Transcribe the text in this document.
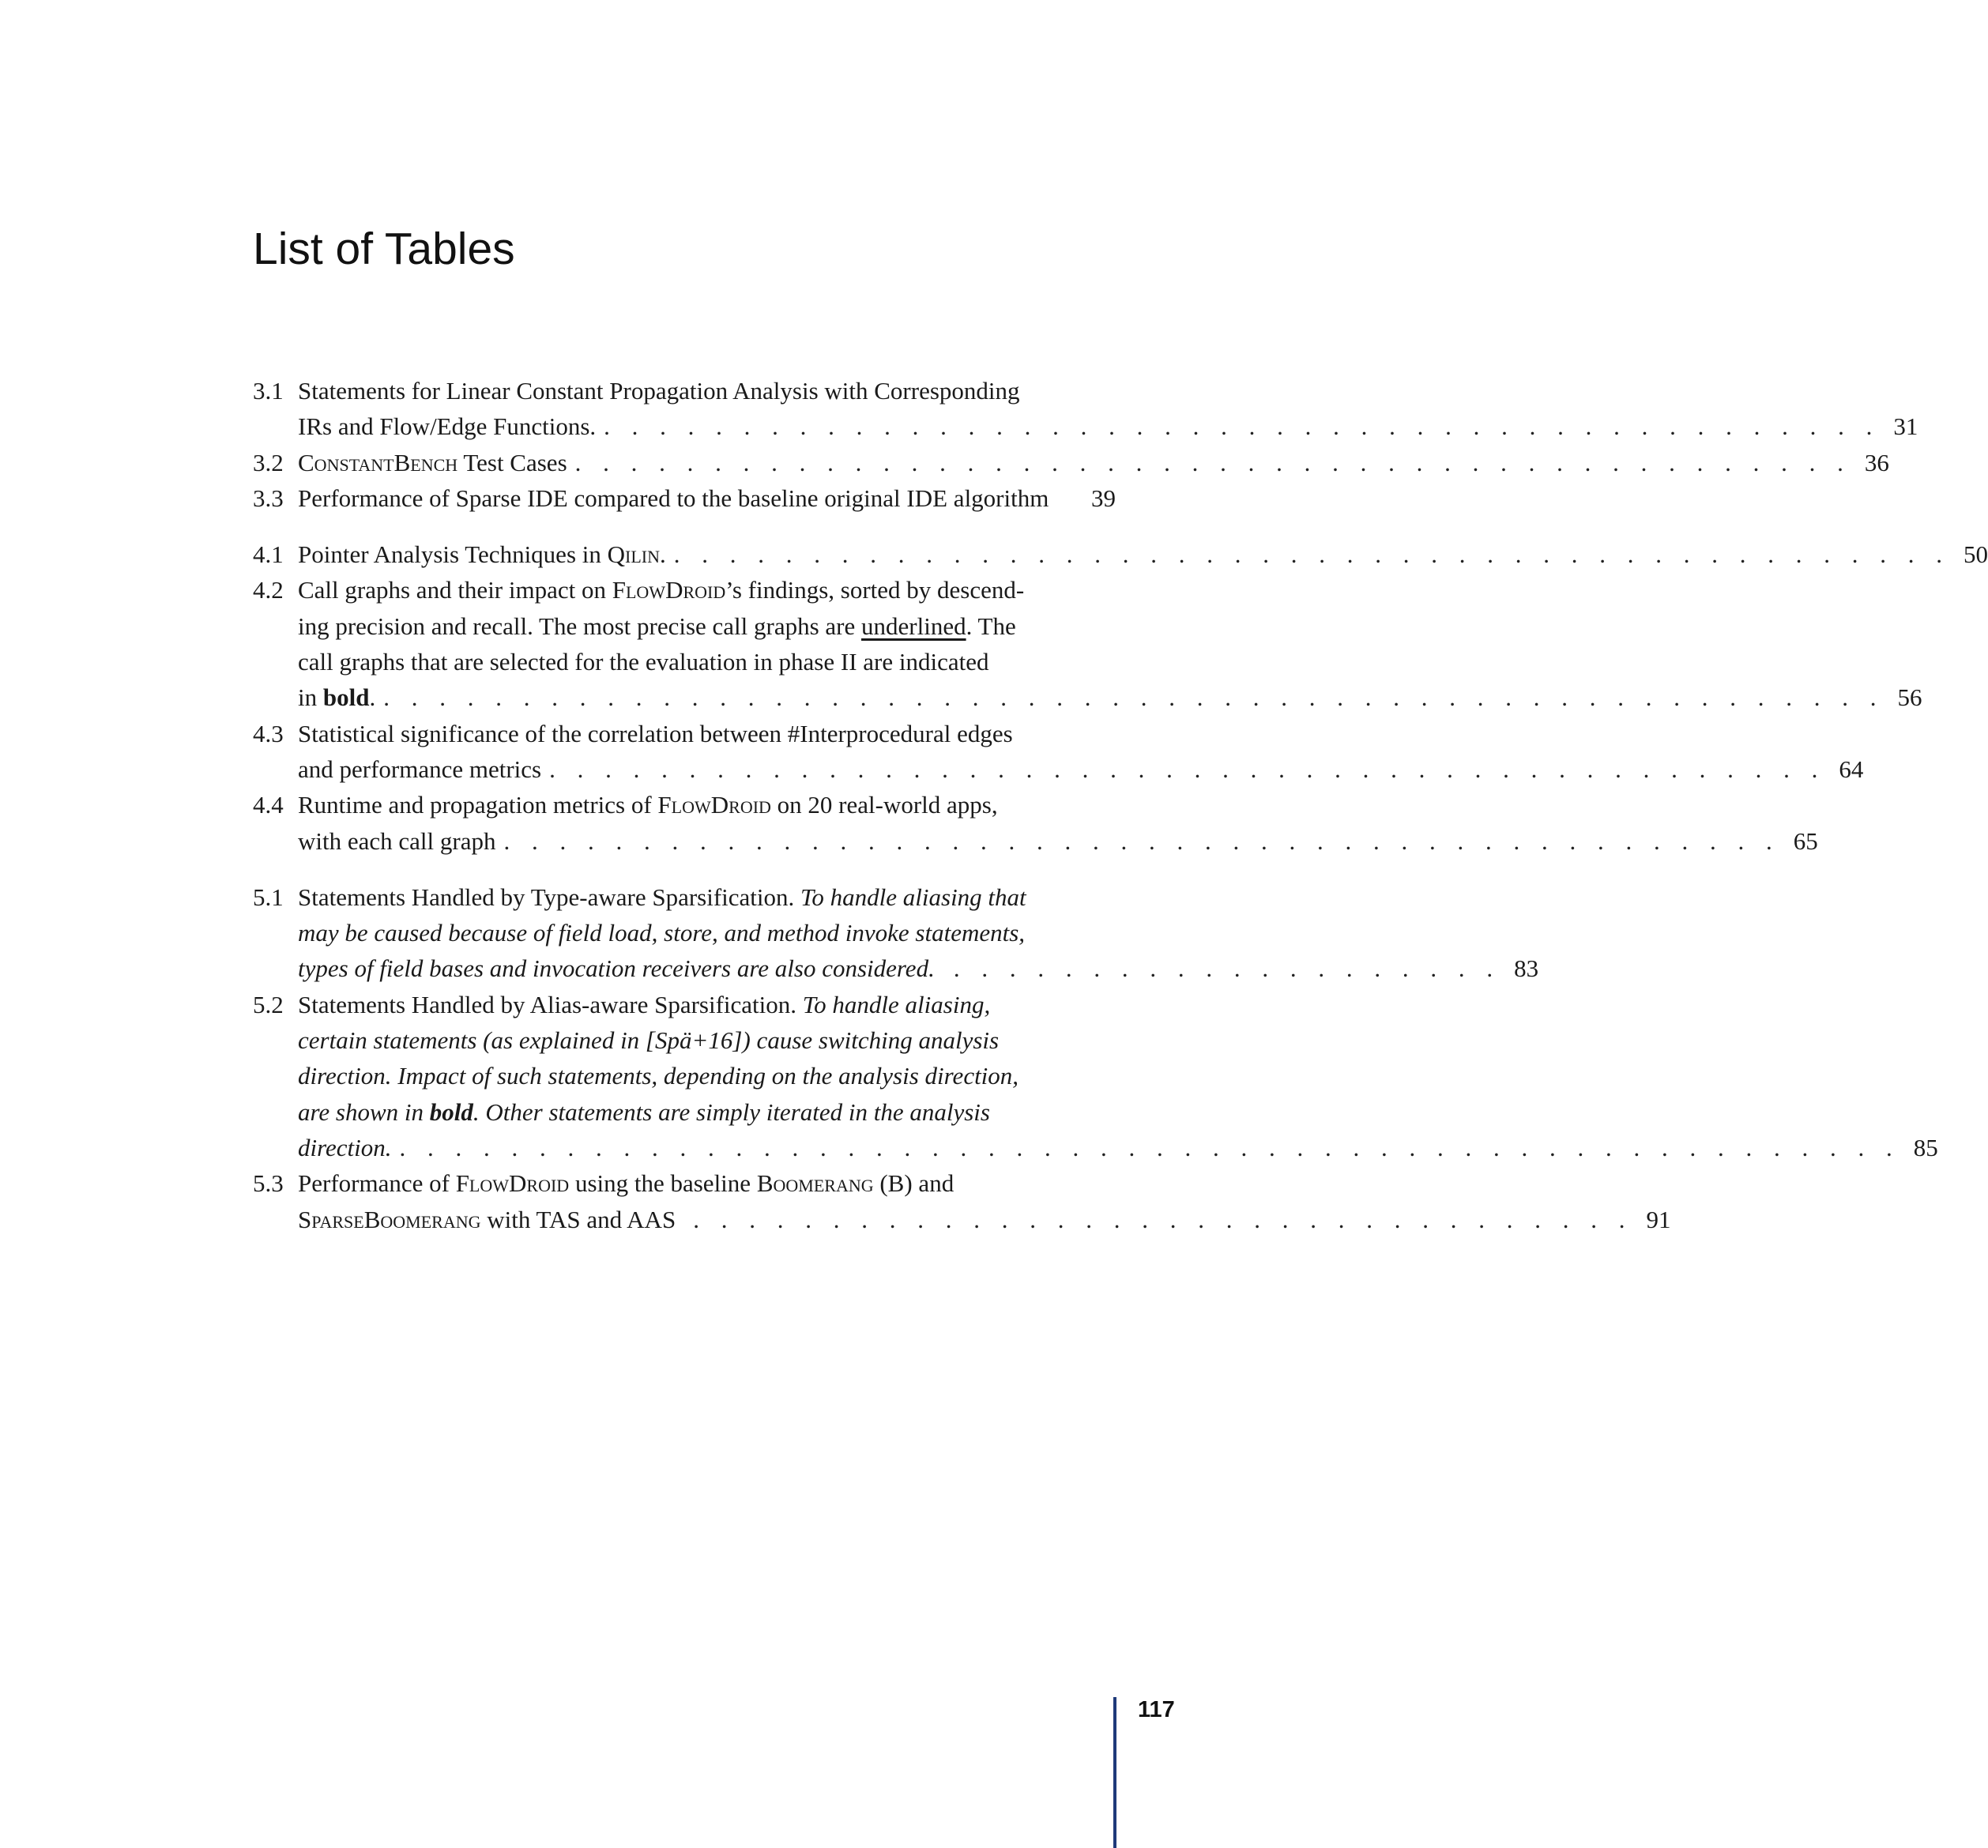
List of Tables
3.1 Statements for Linear Constant Propagation Analysis with Corresponding
IRs and Flow/Edge Functions. . . . . . . . . . . . . . . . . . . . . . . . . . . . . . . . . . . . . . . . . . . . . . . 31
3.2 ConstantBench Test Cases . . . . . . . . . . . . . . . . . . . . . . . . . . . . . . . . . . . . . . . . . . . . . . 36
3.3 Performance of Sparse IDE compared to the baseline original IDE algorithm	39
4.1 Pointer Analysis Techniques in Qilin. . . . . . . . . . . . . . . . . . . . . . . . . . . . . . . . . . . . . . . . . . . . . . . 50
4.2 Call graphs and their impact on FlowDroid’s findings, sorted by descend-
ing precision and recall. The most precise call graphs are underlined. The
call graphs that are selected for the evaluation in phase II are indicated
in bold. . . . . . . . . . . . . . . . . . . . . . . . . . . . . . . . . . . . . . . . . . . . . . . . . . . . . . . 56
4.3 Statistical significance of the correlation between #Interprocedural edges
and performance metrics . . . . . . . . . . . . . . . . . . . . . . . . . . . . . . . . . . . . . . . . . . . . . . 64
4.4 Runtime and propagation metrics of FlowDroid on 20 real-world apps,
with each call graph . . . . . . . . . . . . . . . . . . . . . . . . . . . . . . . . . . . . . . . . . . . . . . 65
5.1 Statements Handled by Type-aware Sparsification. To handle aliasing that
may be caused because of field load, store, and method invoke statements,
types of field bases and invocation receivers are also considered. . . . . . . . . . . . . . . . . . . . . 83
5.2 Statements Handled by Alias-aware Sparsification. To handle aliasing,
certain statements (as explained in [Spä+16]) cause switching analysis
direction. Impact of such statements, depending on the analysis direction,
are shown in bold. Other statements are simply iterated in the analysis
direction. . . . . . . . . . . . . . . . . . . . . . . . . . . . . . . . . . . . . . . . . . . . . . . . . . . . . . . 85
5.3 Performance of FlowDroid using the baseline Boomerang (B) and
SparseBoomerang with TAS and AAS . . . . . . . . . . . . . . . . . . . . . . . . . . . . . . . . . . 91
117
